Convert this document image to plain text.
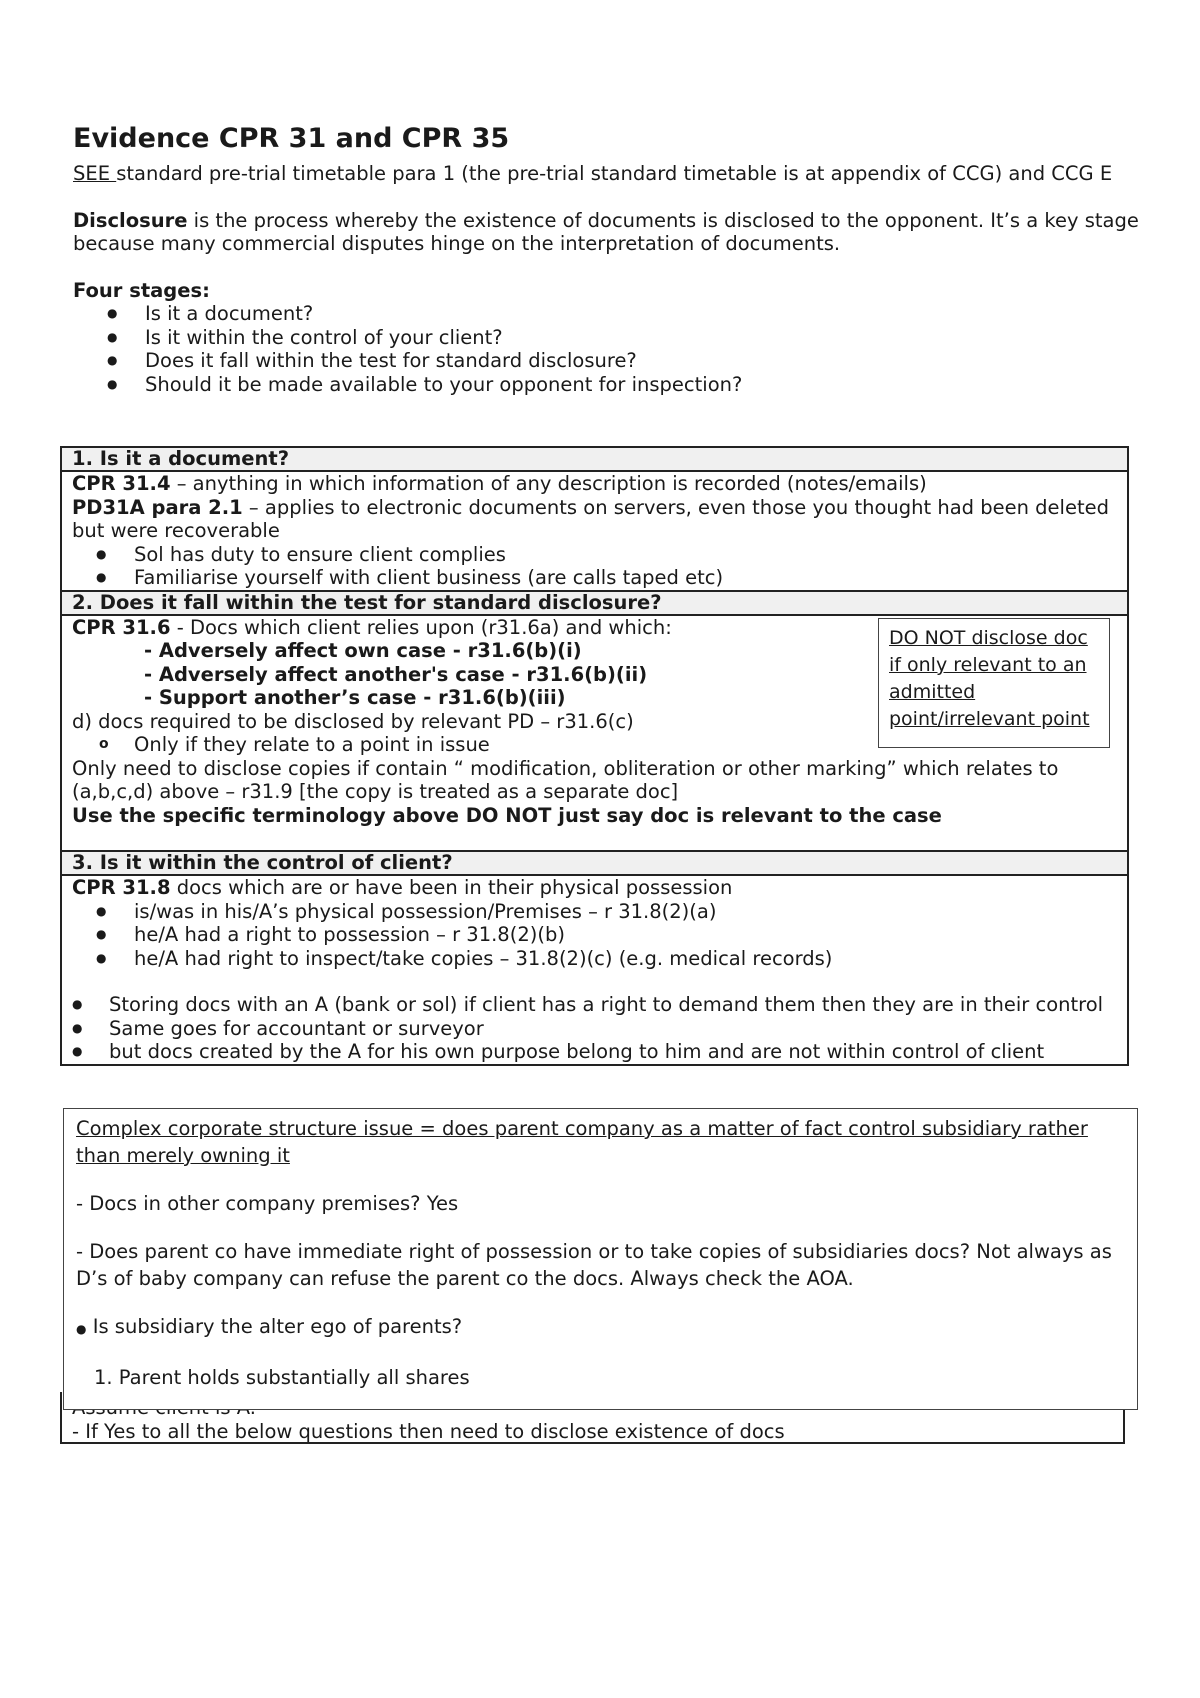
Evidence CPR 31 and CPR 35

SEE standard pre-trial timetable para 1 (the pre-trial standard timetable is at appendix of CCG) and CCG E

Disclosure is the process whereby the existence of documents is disclosed to the opponent. It’s a key stage because many commercial disputes hinge on the interpretation of documents.

Four stages:

● Is it a document?
● Is it within the control of your client?
● Does it fall within the test for standard disclosure?
● Should it be made available to your opponent for inspection?
1. Is it a document?

CPR 31.4 – anything in which information of any description is recorded (notes/emails)

PD31A para 2.1 – applies to electronic documents on servers, even those you thought had been deleted but were recoverable

● Sol has duty to ensure client complies
● Familiarise yourself with client business (are calls taped etc)
2. Does it fall within the test for standard disclosure?

CPR 31.6 - Docs which client relies upon (r31.6a) and which:

- Adversely affect own case - r31.6(b)(i)

- Adversely affect another's case - r31.6(b)(ii)

- Support another’s case - r31.6(b)(iii)

d) docs required to be disclosed by relevant PD – r31.6(c)

o Only if they relate to a point in issue

Only need to disclose copies if contain “ modification, obliteration or other marking” which relates to (a,b,c,d) above – r31.9 [the copy is treated as a separate doc]

Use the specific terminology above DO NOT just say doc is relevant to the case

3. Is it within the control of client?

CPR 31.8 docs which are or have been in their physical possession

● is/was in his/A’s physical possession/Premises – r 31.8(2)(a)
● he/A had a right to possession – r 31.8(2)(b)
● he/A had right to inspect/take copies – 31.8(2)(c) (e.g. medical records)
● Storing docs with an A (bank or sol) if client has a right to demand them then they are in their control
● Same goes for accountant or surveyor
● but docs created by the A for his own purpose belong to him and are not within control of client
DO NOT disclose doc if only relevant to an admitted point/irrelevant point

- If Yes to all the below questions then need to disclose existence of docs

Complex corporate structure issue = does parent company as a matter of fact control subsidiary rather than merely owning it

- Docs in other company premises? Yes

- Does parent co have immediate right of possession or to take copies of subsidiaries docs? Not always as D’s of baby company can refuse the parent co the docs. Always check the AOA.

● Is subsidiary the alter ego of parents?

1. Parent holds substantially all shares
